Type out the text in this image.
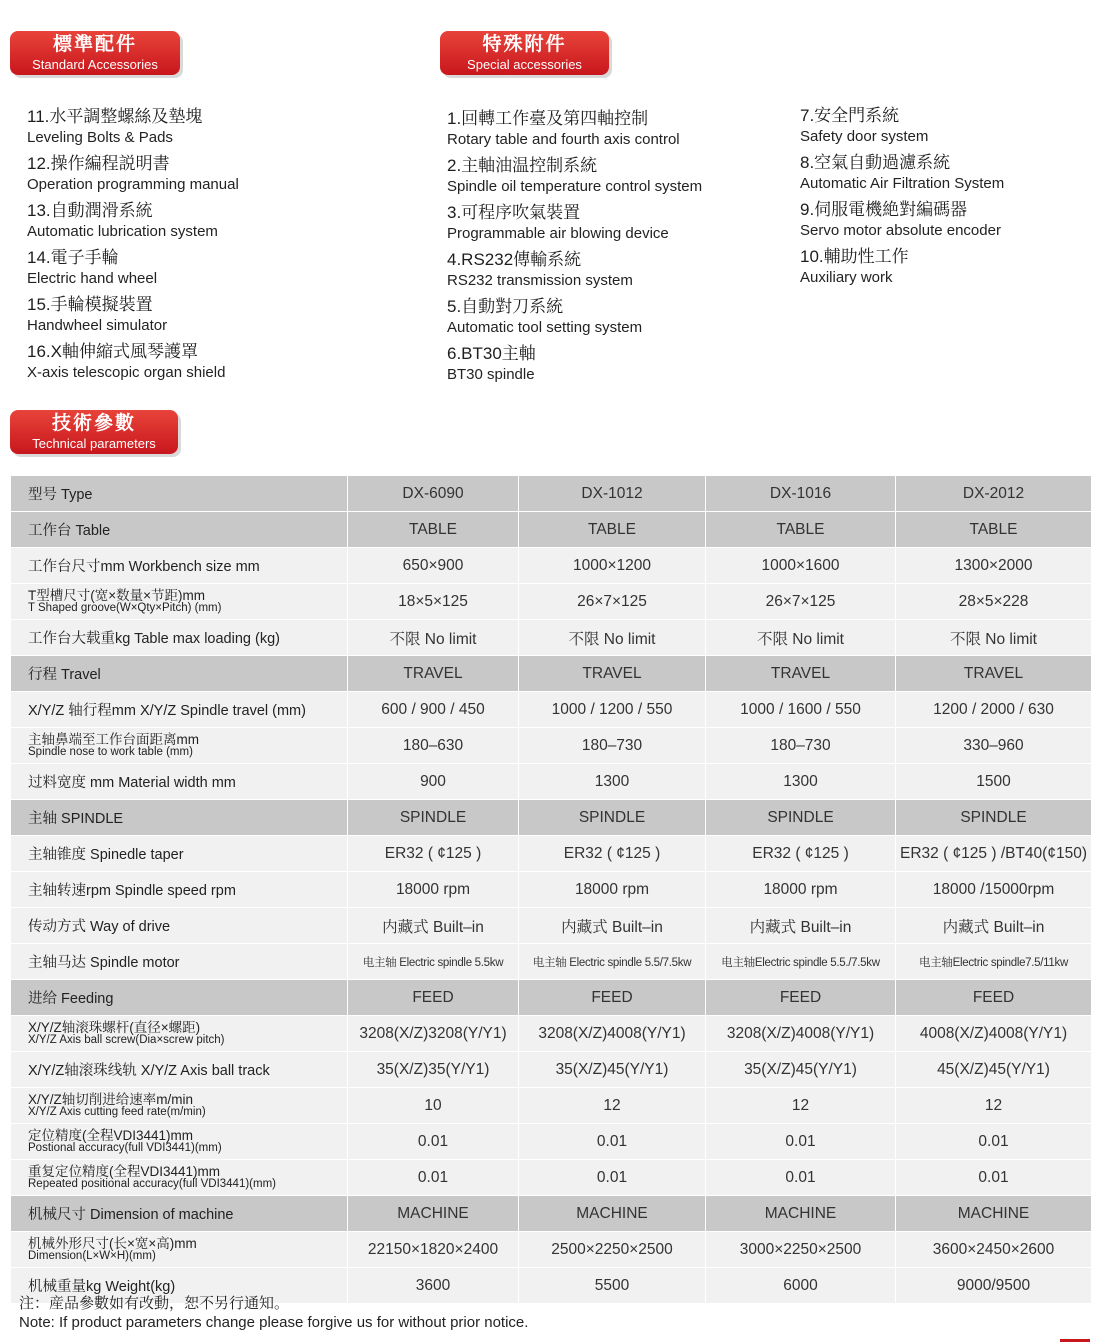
標準配件
Standard Accessories
特殊附件
Special accessories
技術參數
Technical parameters
11.水平調整螺絲及墊塊
Leveling Bolts & Pads
12.操作編程説明書
Operation programming manual
13.自動潤滑系統
Automatic lubrication system
14.電子手輪
Electric hand wheel
15.手輪模擬裝置
Handwheel simulator
16.X軸伸縮式風琴護罩
X-axis telescopic organ shield
1.回轉工作臺及第四軸控制
Rotary table and fourth axis control
2.主軸油温控制系統
Spindle oil temperature control system
3.可程序吹氣裝置
Programmable air blowing device
4.RS232傳輸系統
RS232 transmission system
5.自動對刀系統
Automatic tool setting system
6.BT30主軸
BT30 spindle
7.安全門系統
Safety door system
8.空氣自動過濾系統
Automatic Air Filtration System
9.伺服電機絶對編碼器
Servo motor absolute encoder
10.輔助性工作
Auxiliary work
型号 Type	DX-6090	DX-1012	DX-1016	DX-2012

工作台 Table	TABLE	TABLE	TABLE	TABLE

工作台尺寸mm Workbench size mm	650×900	1000×1200	1000×1600	1300×2000

T型槽尺寸(宽×数量×节距)mm
T Shaped groove(W×Qty×Pitch) (mm)	18×5×125	26×7×125	26×7×125	28×5×228

工作台大载重kg Table max loading (kg)	不限 No limit	不限 No limit	不限 No limit	不限 No limit

行程 Travel	TRAVEL	TRAVEL	TRAVEL	TRAVEL

X/Y/Z 轴行程mm X/Y/Z Spindle travel (mm)	600 / 900 / 450	1000 / 1200 / 550	1000 / 1600 / 550	1200 / 2000 / 630

主轴鼻端至工作台面距离mm
Spindle nose to work table (mm)	180–630	180–730	180–730	330–960

过料宽度 mm Material width mm	900	1300	1300	1500

主轴 SPINDLE	SPINDLE	SPINDLE	SPINDLE	SPINDLE

主轴锥度 Spinedle taper	ER32 ( ¢125 )	ER32 ( ¢125 )	ER32 ( ¢125 )	ER32 ( ¢125 ) /BT40(¢150)

主轴转速rpm Spindle speed rpm	18000 rpm	18000 rpm	18000 rpm	18000 /15000rpm

传动方式 Way of drive	内藏式 Built–in	内藏式 Built–in	内藏式 Built–in	内藏式 Built–in

主轴马达 Spindle motor	电主轴 Electric spindle 5.5kw	电主轴 Electric spindle 5.5/7.5kw	电主轴Electric spindle 5.5./7.5kw	电主轴Electric spindle7.5/11kw

进给 Feeding	FEED	FEED	FEED	FEED

X/Y/Z轴滚珠螺杆(直径×螺距)
X/Y/Z Axis ball screw(Dia×screw pitch)	3208(X/Z)3208(Y/Y1)	3208(X/Z)4008(Y/Y1)	3208(X/Z)4008(Y/Y1)	4008(X/Z)4008(Y/Y1)

X/Y/Z轴滚珠线轨 X/Y/Z Axis ball track	35(X/Z)35(Y/Y1)	35(X/Z)45(Y/Y1)	35(X/Z)45(Y/Y1)	45(X/Z)45(Y/Y1)

X/Y/Z轴切削进给速率m/min
X/Y/Z Axis cutting feed rate(m/min)	10	12	12	12

定位精度(全程VDI3441)mm
Postional accuracy(full VDI3441)(mm)	0.01	0.01	0.01	0.01

重复定位精度(全程VDI3441)mm
Repeated positional accuracy(full VDI3441)(mm)	0.01	0.01	0.01	0.01

机械尺寸 Dimension of machine	MACHINE	MACHINE	MACHINE	MACHINE

机械外形尺寸(长×宽×高)mm
Dimension(L×W×H)(mm)	22150×1820×2400	2500×2250×2500	3000×2250×2500	3600×2450×2600

机械重量kg Weight(kg)	3600	5500	6000	9000/9500
注：産品參數如有改動，恕不另行通知。
Note: If product parameters change please forgive us for without prior notice.
